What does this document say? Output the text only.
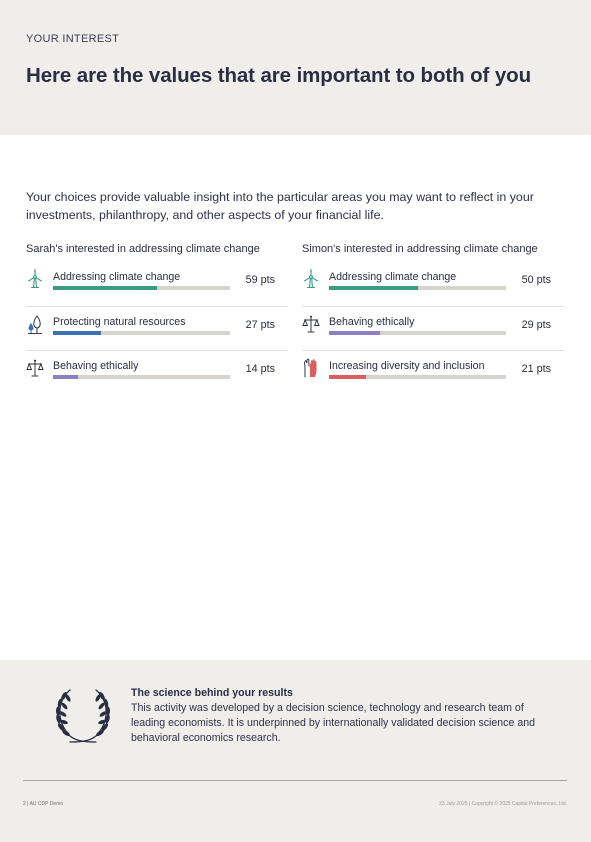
YOUR INTEREST
Here are the values that are important to both of you

Your choices provide valuable insight into the particular areas you may want to reflect in your investments, philanthropy, and other aspects of your financial life.

Sarah's interested in addressing climate change
Addressing climate change	59 pts
Protecting natural resources	27 pts
Behaving ethically	14 pts
Simon's interested in addressing climate change
Addressing climate change	50 pts
Behaving ethically	29 pts
Increasing diversity and inclusion	21 pts
The science behind your results

This activity was developed by a decision science, technology and research team of leading economists. It is underpinned by internationally validated decision science and behavioral economics research.

2 | AU CDP Demo	23 July 2025 | Copyright © 2025 Capital Preferences, Ltd.
